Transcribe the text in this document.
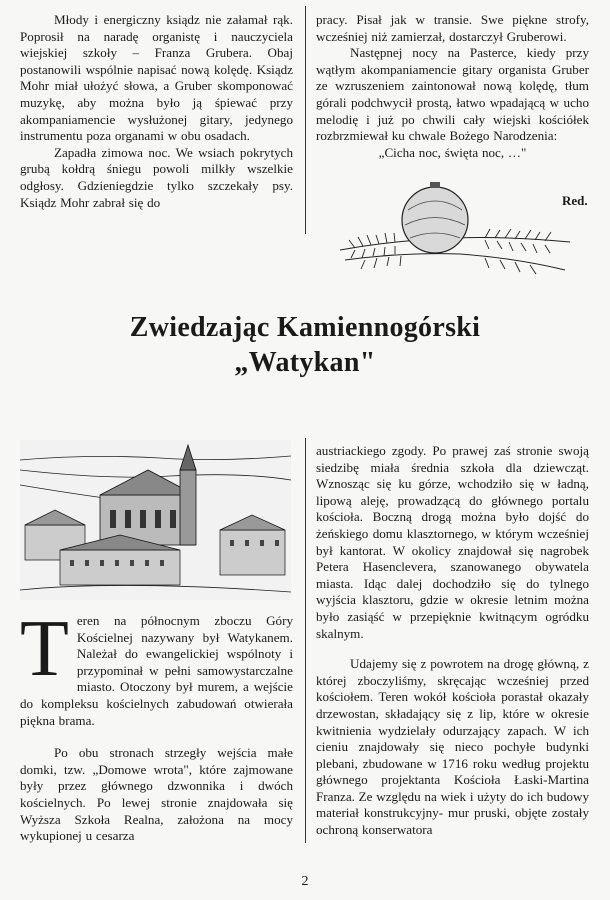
Młody i energiczny ksiądz nie załamał rąk. Poprosił na naradę organistę i nauczyciela wiejskiej szkoły – Franza Grubera. Obaj postanowili wspólnie napisać nową kolędę. Ksiądz Mohr miał ułożyć słowa, a Gruber skomponować muzykę, aby można było ją śpiewać przy akompaniamencie wysłużonej gitary, jedynego instrumentu poza organami w obu osadach.

Zapadła zimowa noc. We wsiach pokrytych grubą kołdrą śniegu powoli milkły wszelkie odgłosy. Gdzieniegdzie tylko szczekały psy. Ksiądz Mohr zabrał się do

pracy. Pisał jak w transie. Swe piękne strofy, wcześniej niż zamierzał, dostarczył Gruberowi.

Następnej nocy na Pasterce, kiedy przy wątłym akompaniamencie gitary organista Gruber ze wzruszeniem zaintonował nową kolędę, tłum górali podchwycił prostą, łatwo wpadającą w ucho melodię i już po chwili cały wiejski kościółek rozbrzmiewał ku chwale Bożego Narodzenia:

„Cicha noc, święta noc, …"

Red.
Zwiedzając Kamiennogórski
„Watykan"

T eren na północnym zboczu Góry Kościelnej nazywany był Watykanem. Należał do ewangelickiej wspólnoty i przypominał w pełni samowystarczalne miasto. Otoczony był murem, a wejście do kompleksu kościelnych zabudowań otwierała piękna brama.

Po obu stronach strzegły wejścia małe domki, tzw. „Domowe wrota", które zajmowane były przez głównego dzwonnika i dwóch kościelnych. Po lewej stronie znajdowała się Wyższa Szkoła Realna, założona na mocy wykupionej u cesarza

austriackiego zgody. Po prawej zaś stronie swoją siedzibę miała średnia szkoła dla dziewcząt. Wznosząc się ku górze, wchodziło się w ładną, lipową aleję, prowadzącą do głównego portalu kościoła. Boczną drogą można było dojść do żeńskiego domu klasztornego, w którym wcześniej był kantorat. W okolicy znajdował się nagrobek Petera Hasenclevera, szanowanego obywatela miasta. Idąc dalej dochodziło się do tylnego wyjścia klasztoru, gdzie w okresie letnim można było zasiąść w przepięknie kwitnącym ogródku skalnym.

Udajemy się z powrotem na drogę główną, z której zboczyliśmy, skręcając wcześniej przed kościołem. Teren wokół kościoła porastał okazały drzewostan, składający się z lip, które w okresie kwitnienia wydzielały odurzający zapach. W ich cieniu znajdowały się nieco pochyłe budynki plebani, zbudowane w 1716 roku według projektu głównego projektanta Kościoła Łaski-Martina Franza. Ze względu na wiek i użyty do ich budowy materiał konstrukcyjny- mur pruski, objęte zostały ochroną konserwatora

2
